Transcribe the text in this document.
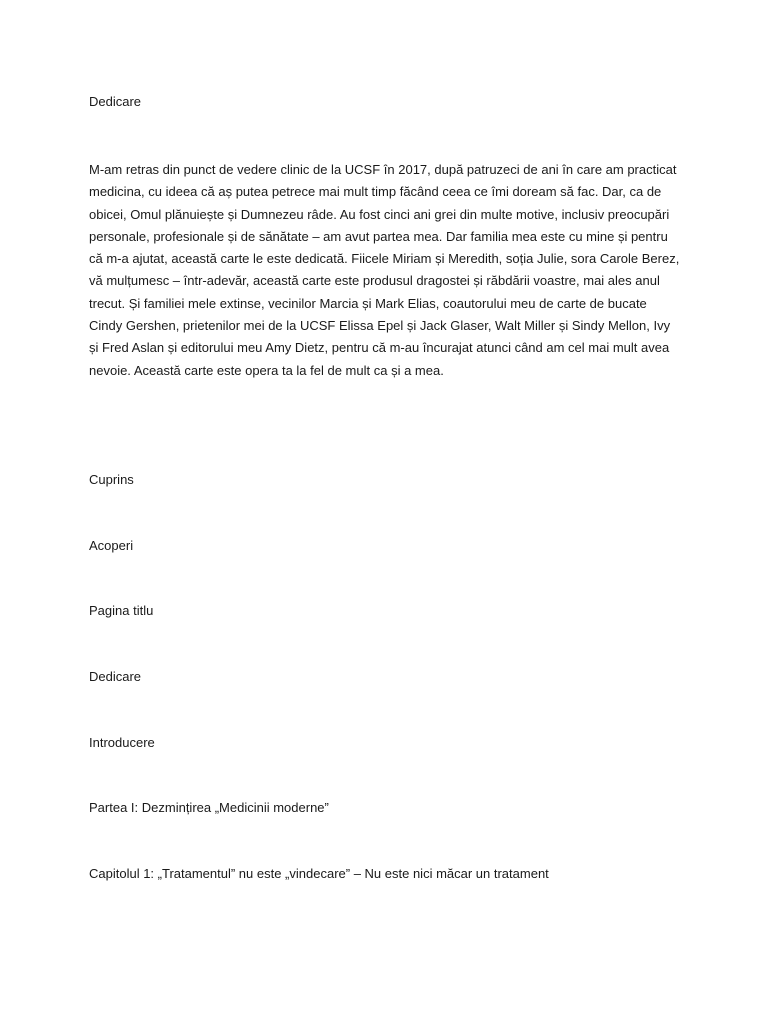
Dedicare
M-am retras din punct de vedere clinic de la UCSF în 2017, după patruzeci de ani în care am practicat medicina, cu ideea că aș putea petrece mai mult timp făcând ceea ce îmi doream să fac. Dar, ca de obicei, Omul plănuiește și Dumnezeu râde. Au fost cinci ani grei din multe motive, inclusiv preocupări personale, profesionale și de sănătate – am avut partea mea. Dar familia mea este cu mine și pentru că m-a ajutat, această carte le este dedicată. Fiicele Miriam și Meredith, soția Julie, sora Carole Berez, vă mulțumesc – într-adevăr, această carte este produsul dragostei și răbdării voastre, mai ales anul trecut. Și familiei mele extinse, vecinilor Marcia și Mark Elias, coautorului meu de carte de bucate Cindy Gershen, prietenilor mei de la UCSF Elissa Epel și Jack Glaser, Walt Miller și Sindy Mellon, Ivy și Fred Aslan și editorului meu Amy Dietz, pentru că m-au încurajat atunci când am cel mai mult avea nevoie. Această carte este opera ta la fel de mult ca și a mea.
Cuprins
Acoperi
Pagina titlu
Dedicare
Introducere
Partea I: Dezmințirea „Medicinii moderne”
Capitolul 1: „Tratamentul” nu este „vindecare” – Nu este nici măcar un tratament
